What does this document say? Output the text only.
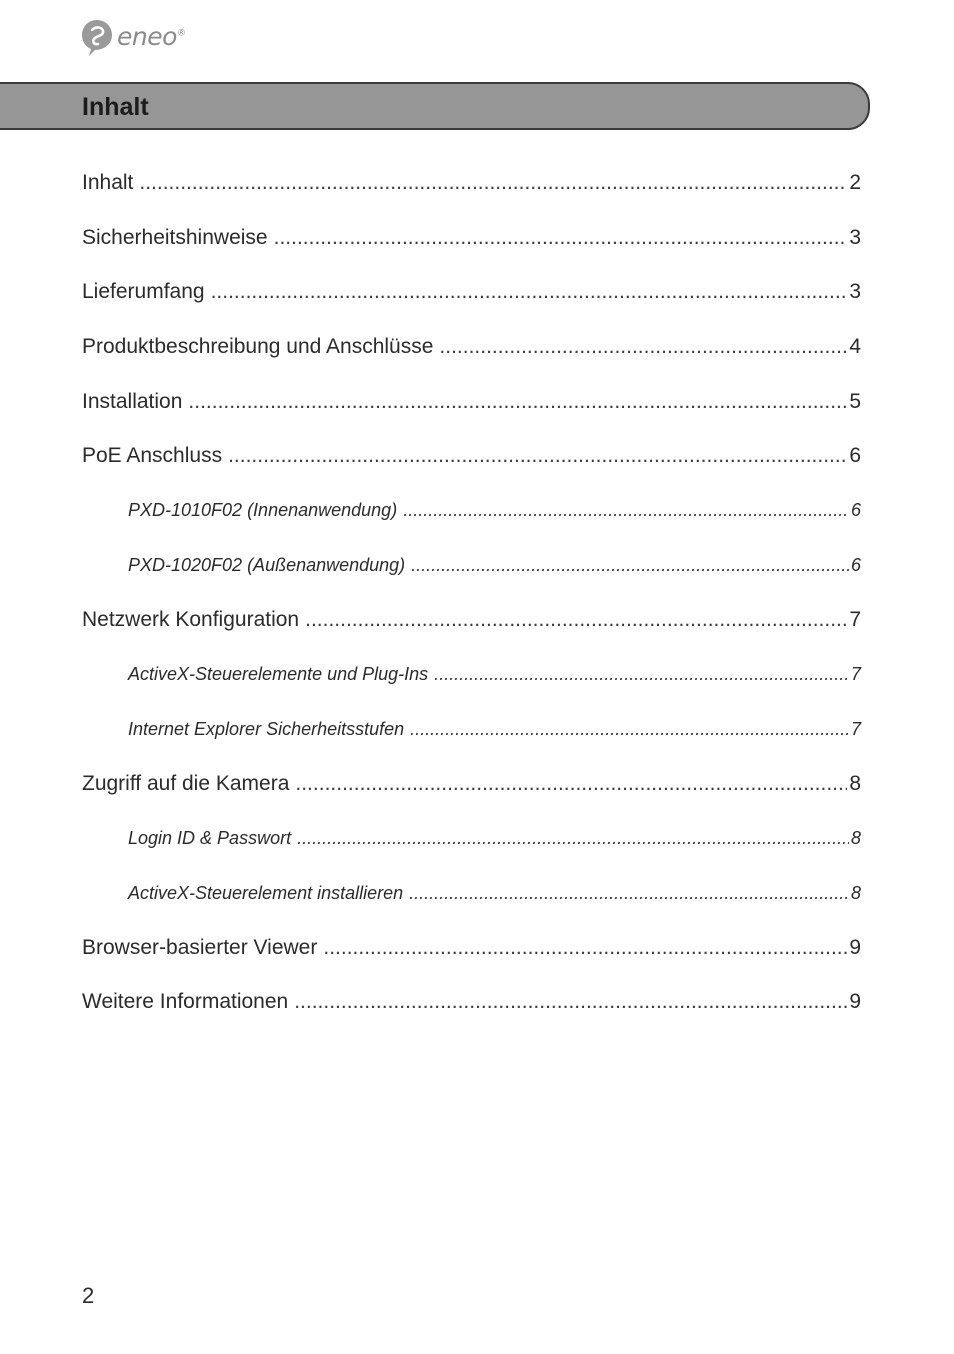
eneo®
Inhalt
Inhalt .....	2
Sicherheitshinweise .....	3
Lieferumfang .....	3
Produktbeschreibung und Anschlüsse .....	4
Installation .....	5
PoE Anschluss .....	6
PXD-1010F02 (Innenanwendung) .....	6
PXD-1020F02 (Außenanwendung) .....	6
Netzwerk Konfiguration .....	7
ActiveX-Steuerelemente und Plug-Ins .....	7
Internet Explorer Sicherheitsstufen .....	7
Zugriff auf die Kamera .....	8
Login ID & Passwort .....	8
ActiveX-Steuerelement installieren .....	8
Browser-basierter Viewer .....	9
Weitere Informationen .....	9
2
